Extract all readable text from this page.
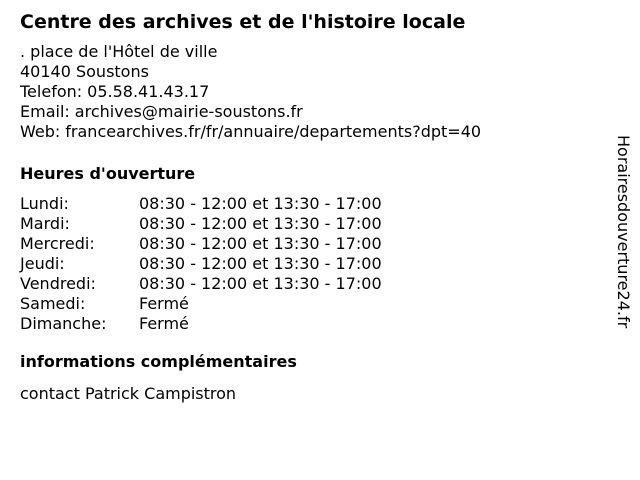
Centre des archives et de l'histoire locale
. place de l'Hôtel de ville
40140 Soustons
Telefon: 05.58.41.43.17
Email: archives@mairie-soustons.fr
Web: francearchives.fr/fr/annuaire/departements?dpt=40
Heures d'ouverture
Lundi:	08:30 - 12:00 et 13:30 - 17:00
Mardi:	08:30 - 12:00 et 13:30 - 17:00
Mercredi:	08:30 - 12:00 et 13:30 - 17:00
Jeudi:	08:30 - 12:00 et 13:30 - 17:00
Vendredi:	08:30 - 12:00 et 13:30 - 17:00
Samedi:	Fermé
Dimanche:	Fermé
informations complémentaires
contact Patrick Campistron
Horairesdouverture24.fr
